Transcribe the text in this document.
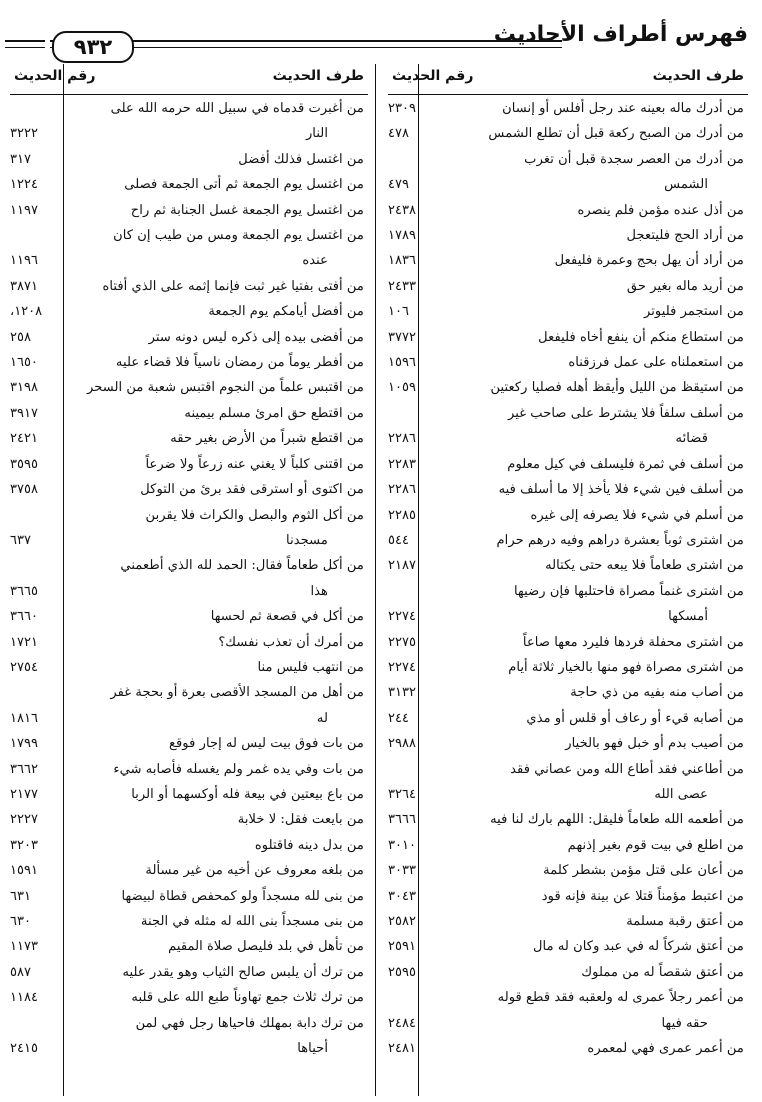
فهرس أطراف الأحاديث
٩٣٢
طرف الحديث
رقم الحديث
من أدرك ماله بعينه عند رجل أفلس أو إنسان
٢٣٠٩
من أدرك من الصبح ركعة قبل أن تطلع الشمس
٤٧٨
من أدرك من العصر سجدة قبل أن تغرب
الشمس
٤٧٩
من أذل عنده مؤمن فلم ينصره
٢٤٣٨
من أراد الحج فليتعجل
١٧٨٩
من أراد أن يهل بحج وعمرة فليفعل
١٨٣٦
من أريد ماله بغير حق
٢٤٣٣
من استجمر فليوتر
١٠٦
من استطاع منكم أن ينفع أخاه فليفعل
٣٧٧٢
من استعملناه على عمل فرزقناه
١٥٩٦
من استيقظ من الليل وأيقظ أهله فصليا ركعتين
١٠٥٩
من أسلف سلفاً فلا يشترط على صاحب غير
قضائه
٢٢٨٦
من أسلف في ثمرة فليسلف في كيل معلوم
٢٢٨٣
من أسلف فين شيء فلا يأخذ إلا ما أسلف فيه
٢٢٨٦
من أسلم في شيء فلا يصرفه إلى غيره
٢٢٨٥
من اشترى ثوباً بعشرة دراهم وفيه درهم حرام
٥٤٤
من اشترى طعاماً فلا يبعه حتى يكتاله
٢١٨٧
من اشترى غنماً مصراة فاحتلبها فإن رضيها
أمسكها
٢٢٧٤
من اشترى محفلة فردها فليرد معها صاعاً
٢٢٧٥
من اشترى مصراة فهو منها بالخيار ثلاثة أيام
٢٢٧٤
من أصاب منه بفيه من ذي حاجة
٣١٣٢
من أصابه قيء أو رعاف أو قلس أو مذي
٢٤٤
من أصيب بدم أو خبل فهو بالخيار
٢٩٨٨
من أطاعني فقد أطاع الله ومن عصاني فقد
عصى الله
٣٢٦٤
من أطعمه الله طعاماً فليقل: اللهم بارك لنا فيه
٣٦٦٦
من اطلع في بيت قوم بغير إذنهم
٣٠١٠
من أعان على قتل مؤمن بشطر كلمة
٣٠٣٣
من اعتبط مؤمناً قتلا عن بينة فإنه قود
٣٠٤٣
من أعتق رقبة مسلمة
٢٥٨٢
من أعتق شركاً له في عبد وكان له مال
٢٥٩١
من أعتق شقصاً له من مملوك
٢٥٩٥
من أعمر رجلاً عمرى له ولعقبه فقد قطع قوله
حقه فيها
٢٤٨٤
من أعمر عمرى فهي لمعمره
٢٤٨١
طرف الحديث
رقم الحديث
من أغبرت قدماه في سبيل الله حرمه الله على
النار
٣٢٢٢
من اغتسل فذلك أفضل
٣١٧
من اغتسل يوم الجمعة ثم أتى الجمعة فصلى
١٢٢٤
من اغتسل يوم الجمعة غسل الجنابة ثم راح
١١٩٧
من اغتسل يوم الجمعة ومس من طيب إن كان
عنده
١١٩٦
من أفتى بفتيا غير ثبت فإنما إثمه على الذي أفتاه
٣٨٧١
من أفضل أيامكم يوم الجمعة
١٢٠٨،
من أفضى بيده إلى ذكره ليس دونه ستر
٢٥٨
من أفطر يوماً من رمضان ناسياً فلا قضاء عليه
١٦٥٠
من اقتبس علماً من النجوم اقتبس شعبة من السحر
٣١٩٨
من اقتطع حق امرئ مسلم بيمينه
٣٩١٧
من اقتطع شبراً من الأرض بغير حقه
٢٤٢١
من اقتنى كلباً لا يغني عنه زرعاً ولا ضرعاً
٣٥٩٥
من اكتوى أو استرقى فقد برئ من التوكل
٣٧٥٨
من أكل الثوم والبصل والكراث فلا يقربن
مسجدنا
٦٣٧
من أكل طعاماً فقال: الحمد لله الذي أطعمني
هذا
٣٦٦٥
من أكل في قصعة ثم لحسها
٣٦٦٠
من أمرك أن تعذب نفسك؟
١٧٢١
من انتهب فليس منا
٢٧٥٤
من أهل من المسجد الأقصى بعرة أو بحجة غفر
له
١٨١٦
من بات فوق بيت ليس له إجار فوقع
١٧٩٩
من بات وفي يده غمر ولم يغسله فأصابه شيء
٣٦٦٢
من باع بيعتين في بيعة فله أوكسهما أو الربا
٢١٧٧
من بايعت فقل: لا خلابة
٢٢٢٧
من بدل دينه فاقتلوه
٣٢٠٣
من بلغه معروف عن أخيه من غير مسألة
١٥٩١
من بنى لله مسجداً ولو كمحفص قطاة لبيضها
٦٣١
من بنى مسجداً بنى الله له مثله في الجنة
٦٣٠
من تأهل في بلد فليصل صلاة المقيم
١١٧٣
من ترك أن يلبس صالح الثياب وهو يقدر عليه
٥٨٧
من ترك ثلاث جمع تهاوناً طبع الله على قلبه
١١٨٤
من ترك دابة بمهلك فاحياها رجل فهي لمن
أحياها
٢٤١٥
